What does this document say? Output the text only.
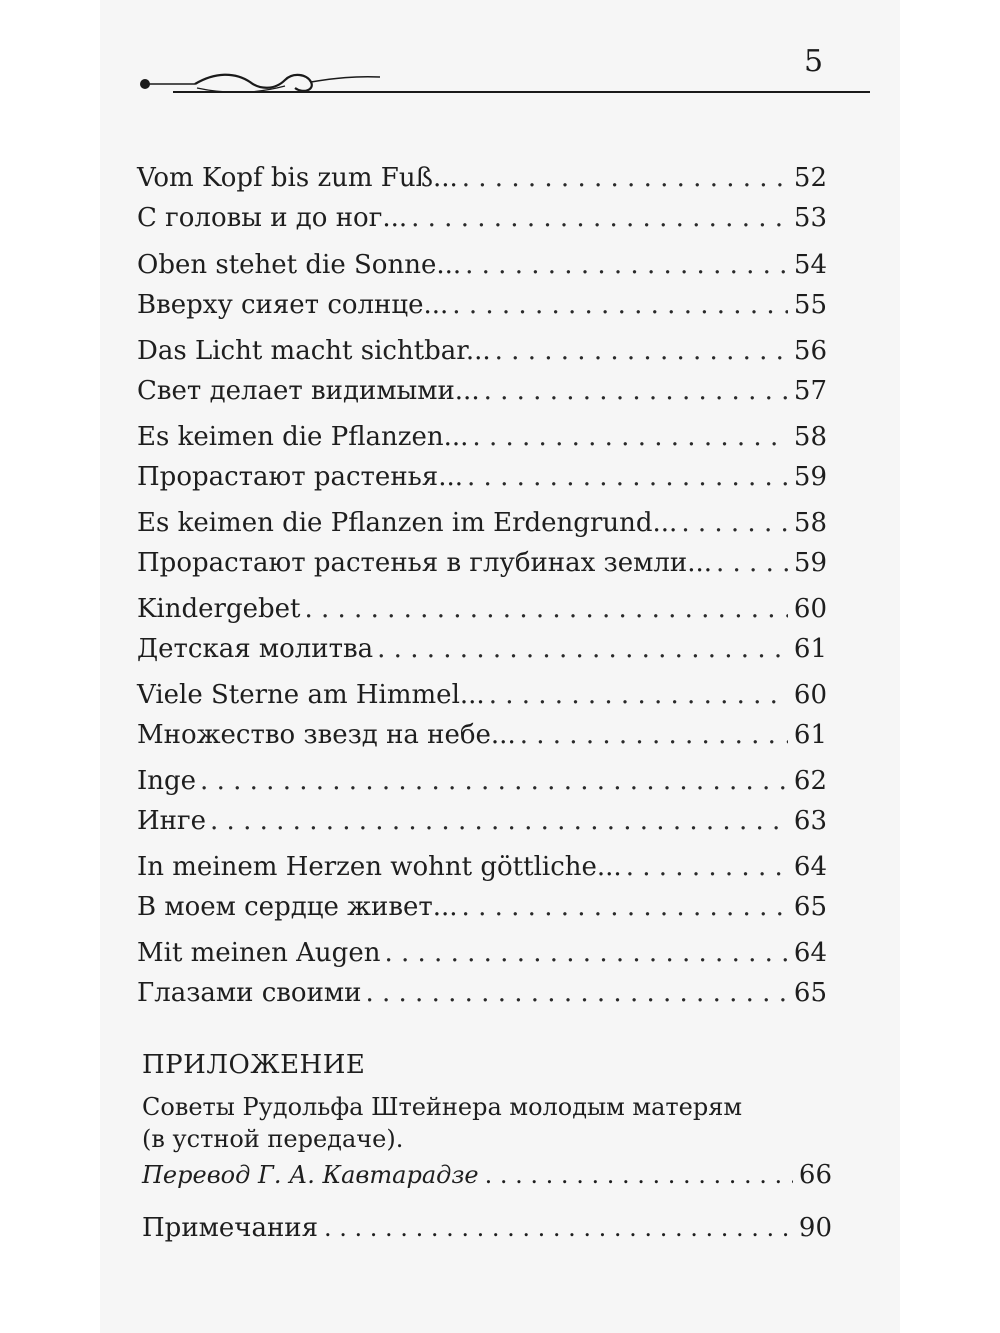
5
Vom Kopf bis zum Fuß... . . .	52
С головы и до ног... . . .	53
Oben stehet die Sonne... . . .	54
Вверху сияет солнце... . . .	55
Das Licht macht sichtbar... . . .	56
Свет делает видимыми... . . .	57
Es keimen die Pflanzen... . . .	58
Прорастают растенья... . . .	59
Es keimen die Pflanzen im Erdengrund... . . .	58
Прорастают растенья в глубинах земли... . . .	59
Kindergebet . . .	60
Детская молитва . . .	61
Viele Sterne am Himmel... . . .	60
Множество звезд на небе... . . .	61
Inge . . .	62
Инге . . .	63
In meinem Herzen wohnt göttliche... . . .	64
В моем сердце живет... . . .	65
Mit meinen Augen . . .	64
Глазами своими . . .	65
ПРИЛОЖЕНИЕ
Советы Рудольфа Штейнера молодым матерям
(в устной передаче).
Перевод Г. А. Кавтарадзе . . .	66
Примечания . . .	90
